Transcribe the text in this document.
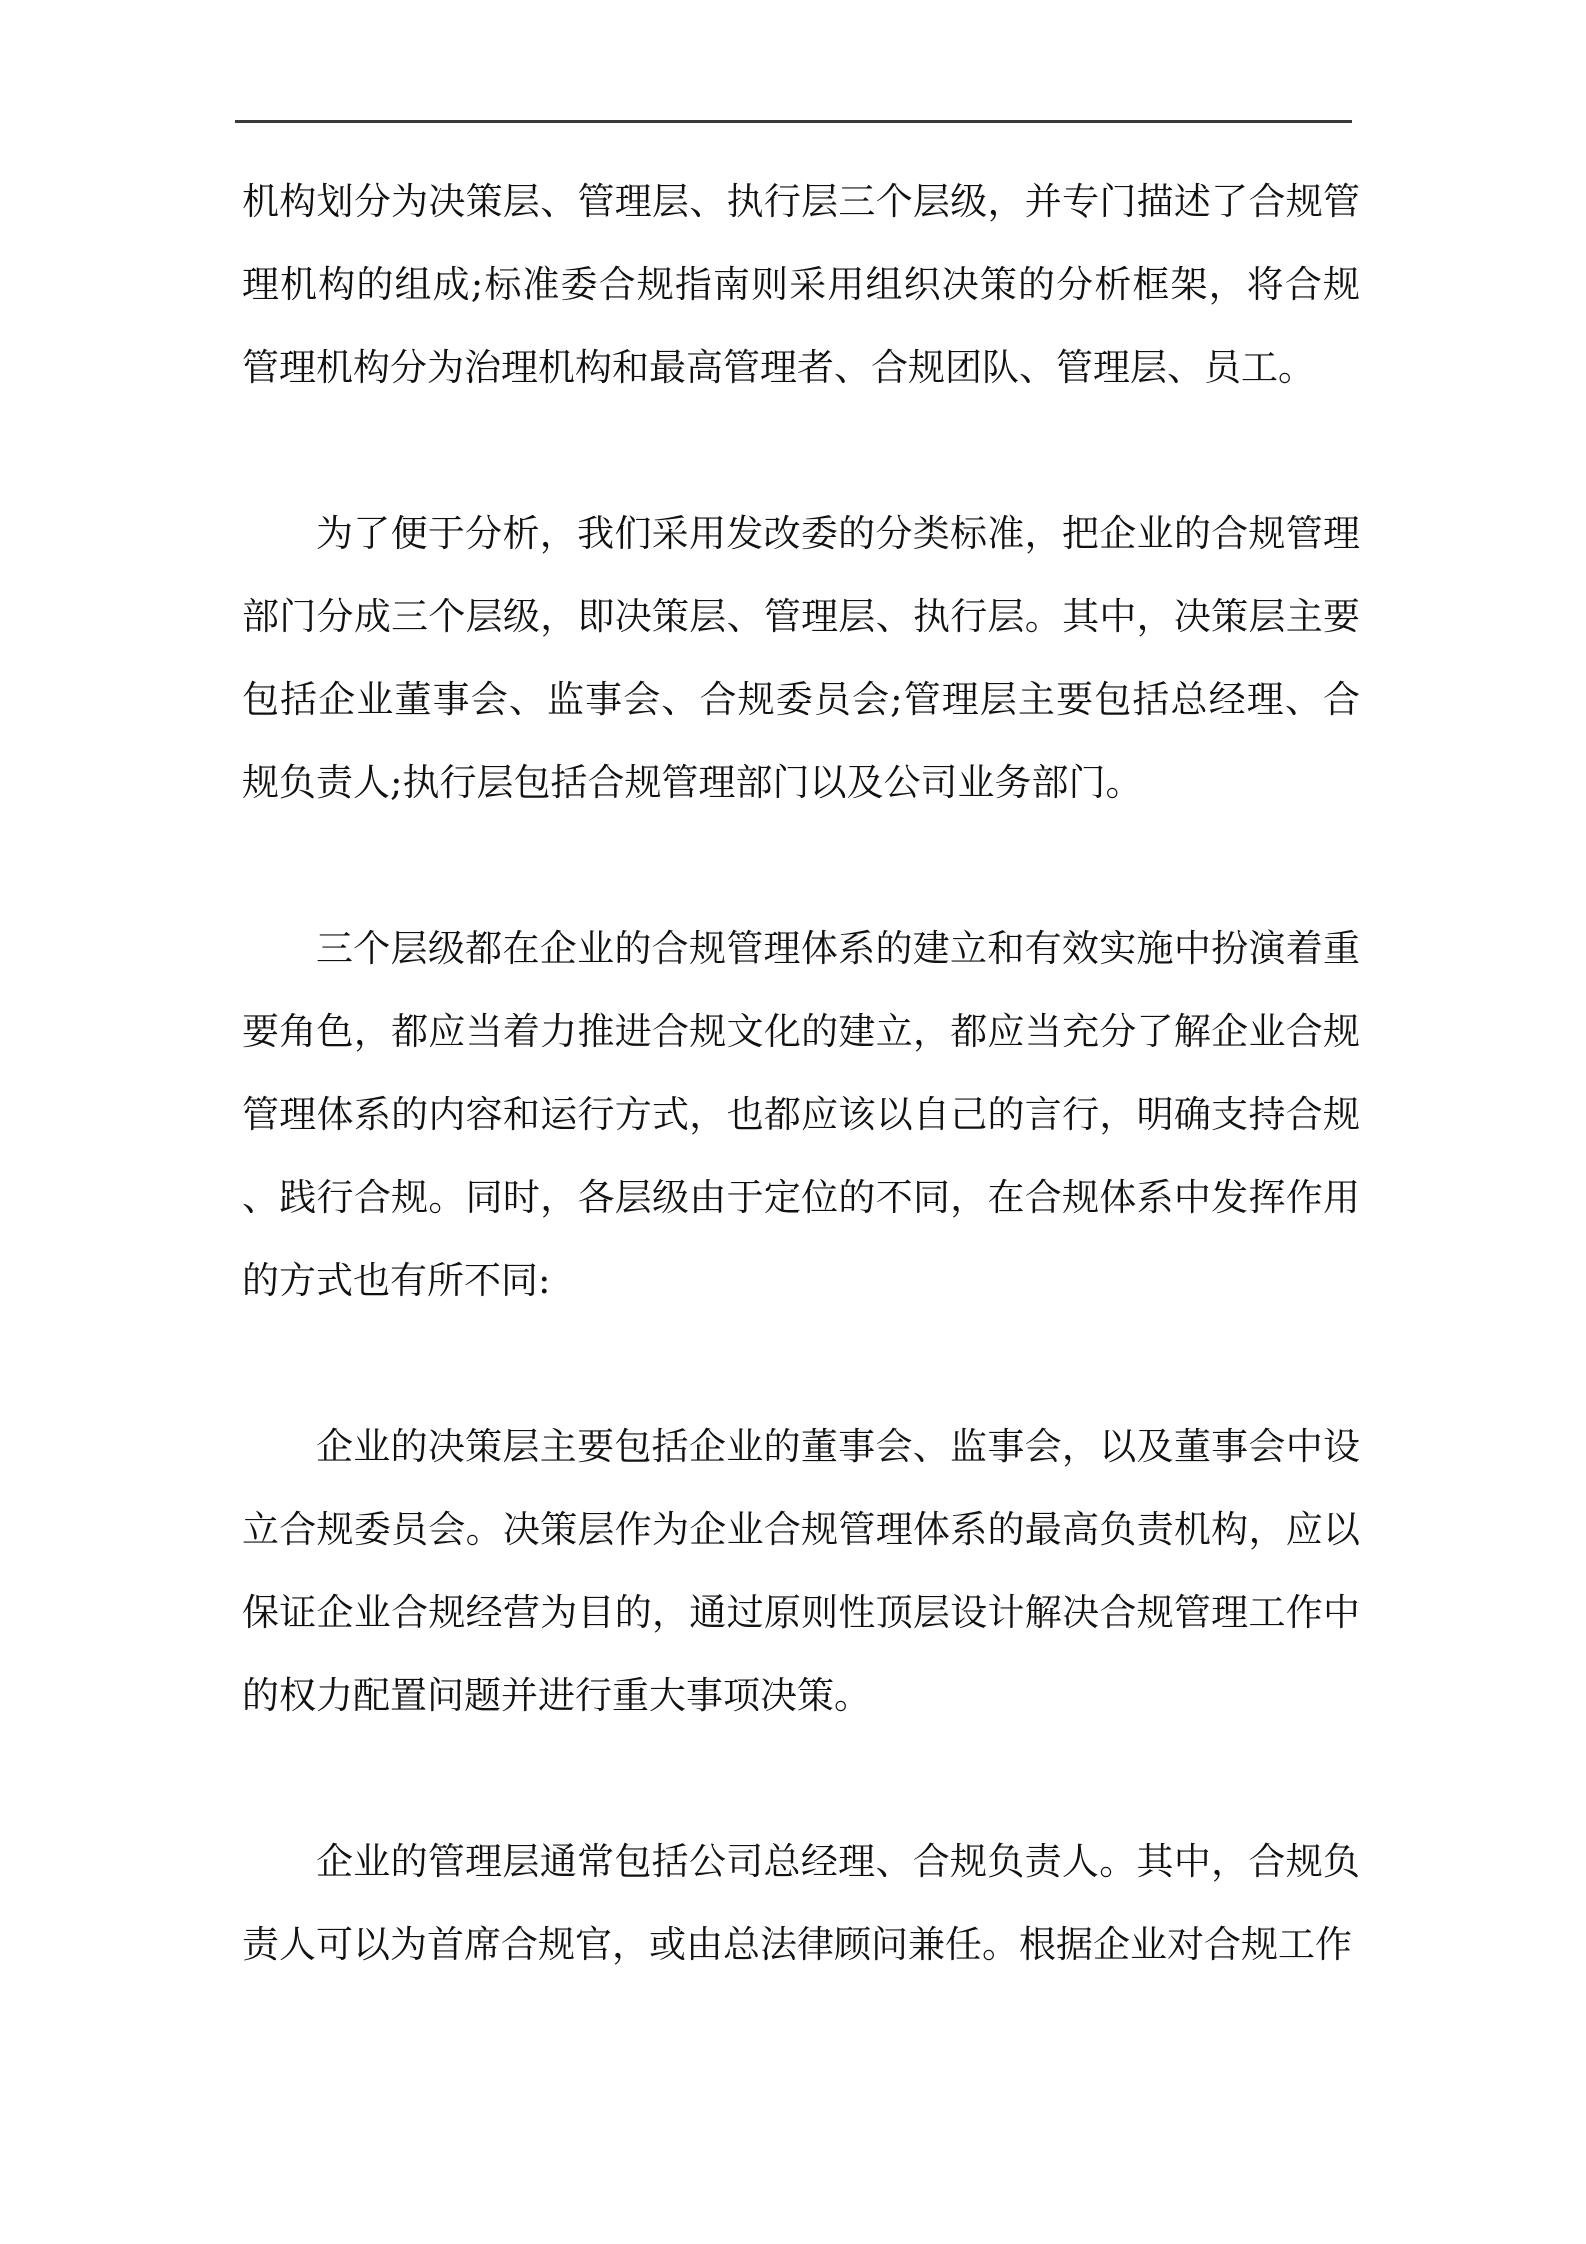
机构划分为决策层、管理层、执行层三个层级，并专门描述了合规管理机构的组成;标准委合规指南则采用组织决策的分析框架，将合规管理机构分为治理机构和最高管理者、合规团队、管理层、员工。

为了便于分析，我们采用发改委的分类标准，把企业的合规管理部门分成三个层级，即决策层、管理层、执行层。其中，决策层主要包括企业董事会、监事会、合规委员会;管理层主要包括总经理、合规负责人;执行层包括合规管理部门以及公司业务部门。

三个层级都在企业的合规管理体系的建立和有效实施中扮演着重要角色，都应当着力推进合规文化的建立，都应当充分了解企业合规管理体系的内容和运行方式，也都应该以自己的言行，明确支持合规、践行合规。同时，各层级由于定位的不同，在合规体系中发挥作用的方式也有所不同:

企业的决策层主要包括企业的董事会、监事会，以及董事会中设立合规委员会。决策层作为企业合规管理体系的最高负责机构，应以保证企业合规经营为目的，通过原则性顶层设计解决合规管理工作中的权力配置问题并进行重大事项决策。

企业的管理层通常包括公司总经理、合规负责人。其中，合规负责人可以为首席合规官，或由总法律顾问兼任。根据企业对合规工作
